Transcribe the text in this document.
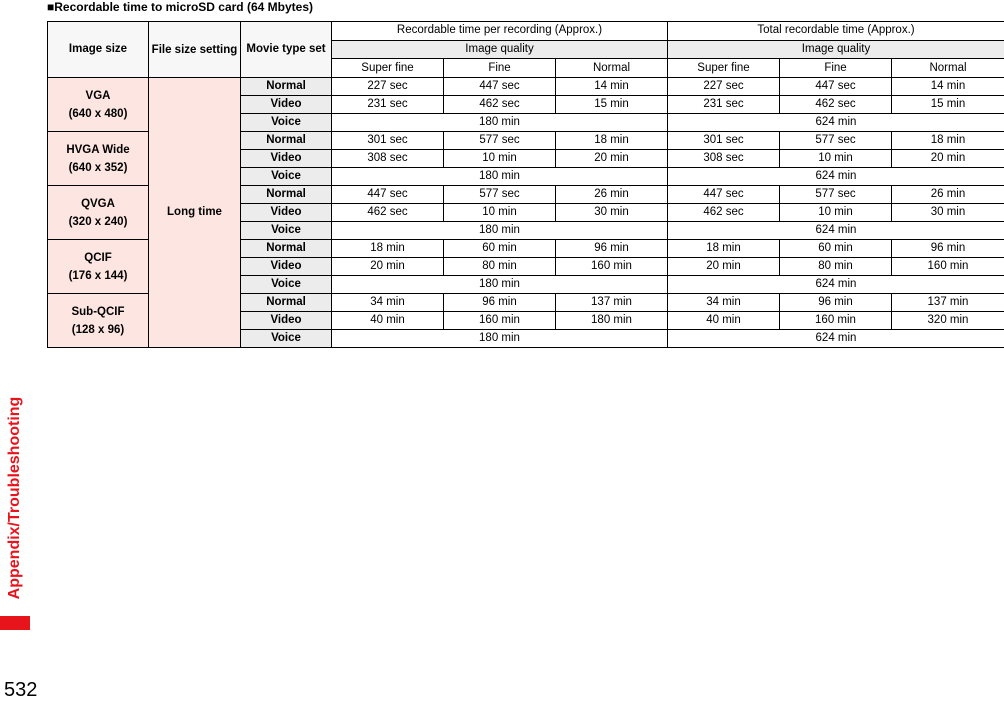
■Recordable time to microSD card (64 Mbytes)
Image size	File size setting	Movie type set	Recordable time per recording (Approx.)			Total recordable time (Approx.)		
			Image quality			Image quality		
			Super fine	Fine	Normal	Super fine	Fine	Normal

VGA
(640 x 480)	Long time	Normal	227 sec	447 sec	14 min	227 sec	447 sec	14 min
		Video	231 sec	462 sec	15 min	231 sec	462 sec	15 min
		Voice	180 min			624 min		

HVGA Wide
(640 x 352)		Normal	301 sec	577 sec	18 min	301 sec	577 sec	18 min
		Video	308 sec	10 min	20 min	308 sec	10 min	20 min
		Voice	180 min			624 min		

QVGA
(320 x 240)		Normal	447 sec	577 sec	26 min	447 sec	577 sec	26 min
		Video	462 sec	10 min	30 min	462 sec	10 min	30 min
		Voice	180 min			624 min		

QCIF
(176 x 144)		Normal	18 min	60 min	96 min	18 min	60 min	96 min
		Video	20 min	80 min	160 min	20 min	80 min	160 min
		Voice	180 min			624 min		

Sub-QCIF
(128 x 96)		Normal	34 min	96 min	137 min	34 min	96 min	137 min
		Video	40 min	160 min	180 min	40 min	160 min	320 min
		Voice	180 min			624 min		
Appendix/Troubleshooting
532
